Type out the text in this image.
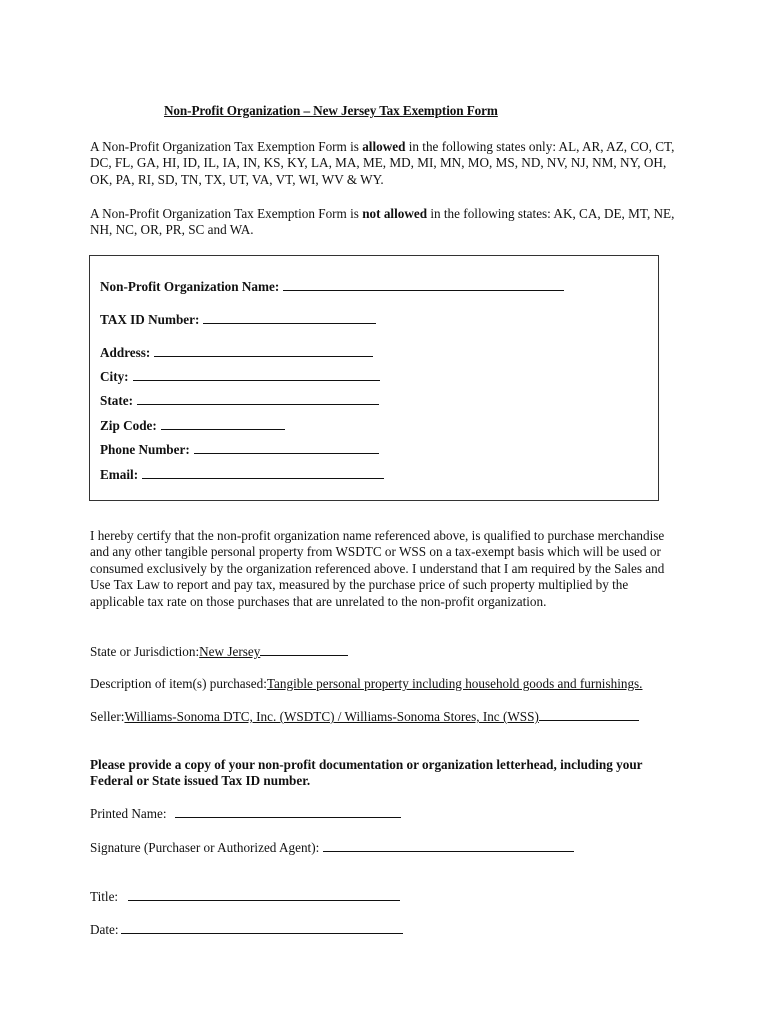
Non-Profit Organization – New Jersey Tax Exemption Form

A Non-Profit Organization Tax Exemption Form is allowed in the following states only: AL, AR, AZ, CO, CT, DC, FL, GA, HI, ID, IL, IA, IN, KS, KY, LA, MA, ME, MD, MI, MN, MO, MS, ND, NV, NJ, NM, NY, OH, OK, PA, RI, SD, TN, TX, UT, VA, VT, WI, WV & WY.

A Non-Profit Organization Tax Exemption Form is not allowed in the following states: AK, CA, DE, MT, NE, NH, NC, OR, PR, SC and WA.

Non-Profit Organization Name:
TAX ID Number:
Address:
City:
State:
Zip Code:
Phone Number:
Email:

I hereby certify that the non-profit organization name referenced above, is qualified to purchase merchandise and any other tangible personal property from WSDTC or WSS on a tax-exempt basis which will be used or consumed exclusively by the organization referenced above. I understand that I am required by the Sales and Use Tax Law to report and pay tax, measured by the purchase price of such property multiplied by the applicable tax rate on those purchases that are unrelated to the non-profit organization.

State or Jurisdiction: New Jersey
Description of item(s) purchased: Tangible personal property including household goods and furnishings.
Seller: Williams-Sonoma DTC, Inc. (WSDTC) / Williams-Sonoma Stores, Inc (WSS)

Please provide a copy of your non-profit documentation or organization letterhead, including your Federal or State issued Tax ID number.

Printed Name:
Signature (Purchaser or Authorized Agent):
Title:
Date:
